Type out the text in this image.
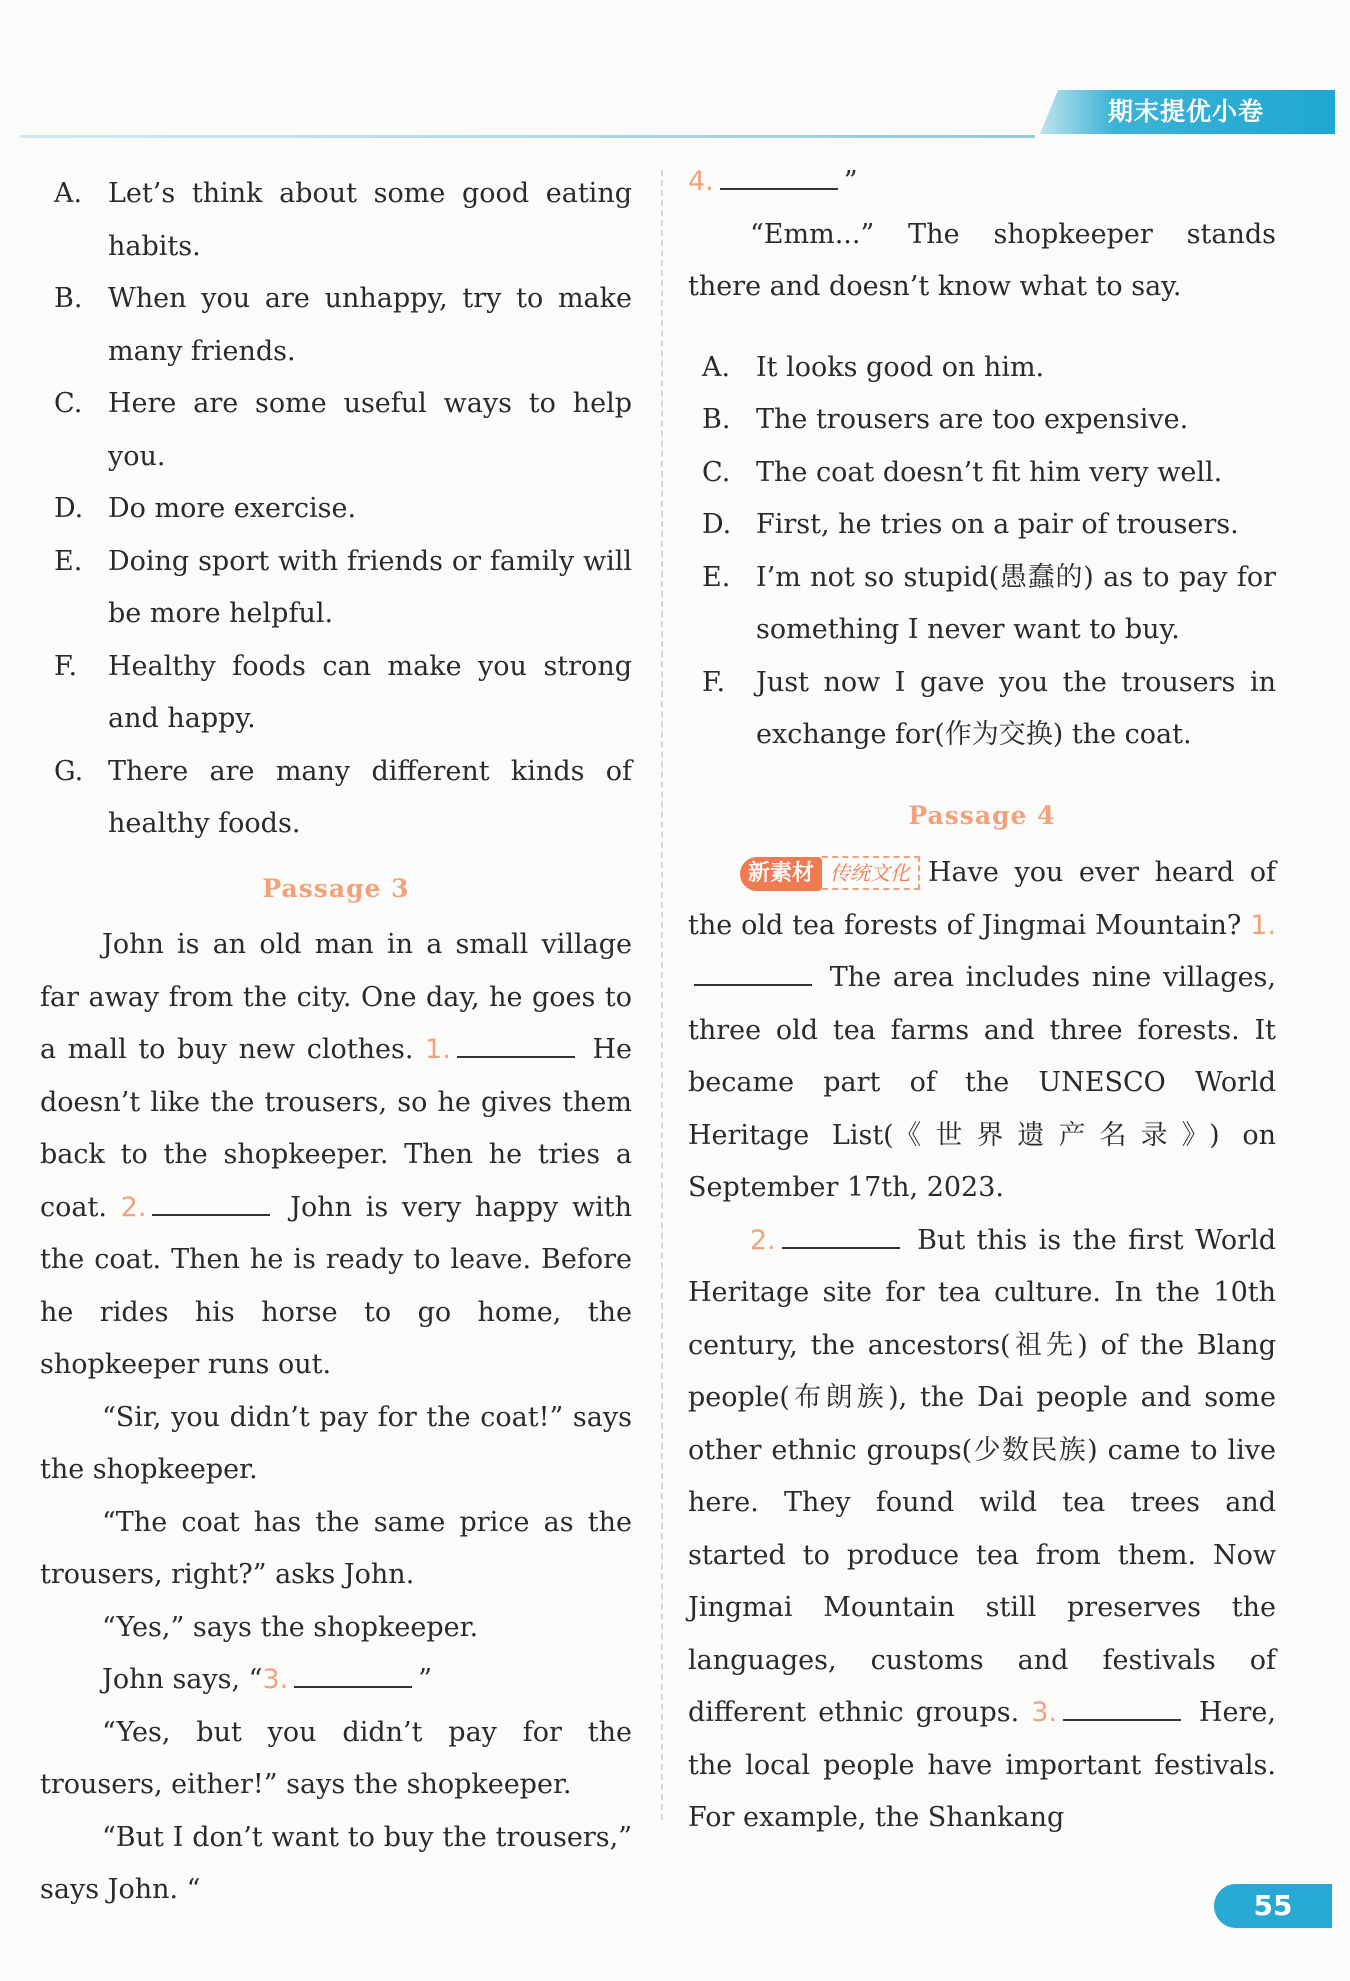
期末提优小卷
A. Let’s think about some good eating habits.
B. When you are unhappy, try to make many friends.
C. Here are some useful ways to help you.
D. Do more exercise.
E. Doing sport with friends or family will be more helpful.
F. Healthy foods can make you strong and happy.
G. There are many different kinds of healthy foods.
Passage 3

John is an old man in a small village far away from the city. One day, he goes to a mall to buy new clothes. 1.	He doesn’t like the trousers, so he gives them back to the shopkeeper. Then he tries a coat. 2.	John is very happy with the coat. Then he is ready to leave. Before he rides his horse to go home, the shopkeeper runs out.

“Sir, you didn’t pay for the coat!” says the shopkeeper.

“The coat has the same price as the trousers, right?” asks John.

“Yes,” says the shopkeeper.

John says, “3.	”

“Yes, but you didn’t pay for the trousers, either!” says the shopkeeper.

“But I don’t want to buy the trousers,” says John. “

4.	”

“Emm...” The shopkeeper stands there and doesn’t know what to say.

A. It looks good on him.
B. The trousers are too expensive.
C. The coat doesn’t fit him very well.
D. First, he tries on a pair of trousers.
E. I’m not so stupid(愚蠢的) as to pay for something I never want to buy.
F. Just now I gave you the trousers in exchange for(作为交换) the coat.
Passage 4

新素材 传统文化 Have you ever heard of the old tea forests of Jingmai Mountain? 1. The area includes nine villages, three old tea farms and three forests. It became part of the UNESCO World Heritage List(《世界遗产名录》) on September 17th, 2023.

2.	But this is the first World Heritage site for tea culture. In the 10th century, the ancestors(祖先) of the Blang people(布朗族), the Dai people and some other ethnic groups(少数民族) came to live here. They found wild tea trees and started to produce tea from them. Now Jingmai Mountain still preserves the languages, customs and festivals of different ethnic groups. 3.	Here, the local people have important festivals. For example, the Shankang

55
